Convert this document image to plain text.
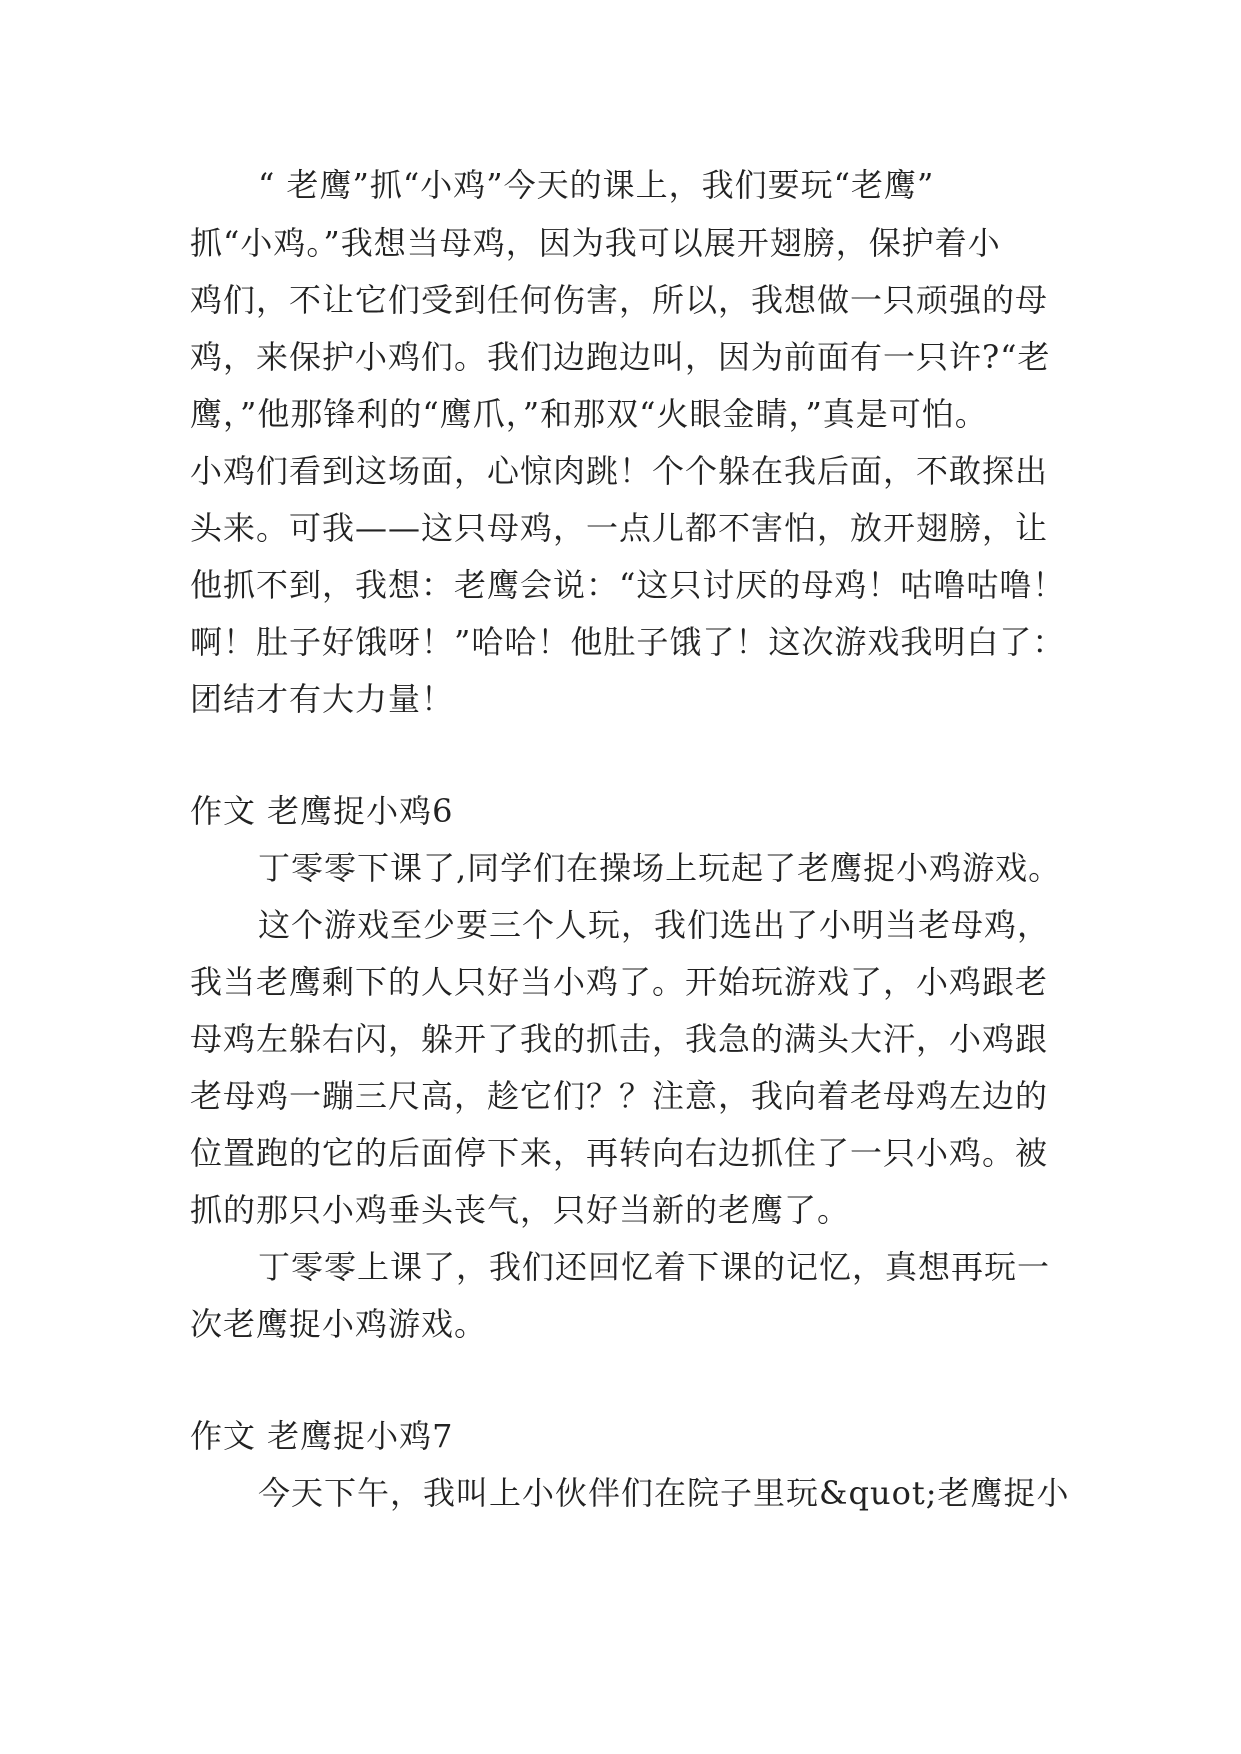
“ 老鹰”抓“小鸡”今天的课上，我们要玩“老鹰”
抓“小鸡。”我想当母鸡，因为我可以展开翅膀，保护着小
鸡们，不让它们受到任何伤害，所以，我想做一只顽强的母
鸡，来保护小鸡们。我们边跑边叫，因为前面有一只许?“老
鹰，”他那锋利的“鹰爪，”和那双“火眼金睛，”真是可怕。
小鸡们看到这场面，心惊肉跳！个个躲在我后面，不敢探出
头来。可我——这只母鸡，一点儿都不害怕，放开翅膀，让
他抓不到，我想：老鹰会说：“这只讨厌的母鸡！咕噜咕噜！
啊！肚子好饿呀！”哈哈！他肚子饿了！这次游戏我明白了：
团结才有大力量！
作文 老鹰捉小鸡6
丁零零下课了,同学们在操场上玩起了老鹰捉小鸡游戏。
这个游戏至少要三个人玩，我们选出了小明当老母鸡，
我当老鹰剩下的人只好当小鸡了。开始玩游戏了，小鸡跟老
母鸡左躲右闪，躲开了我的抓击，我急的满头大汗，小鸡跟
老母鸡一蹦三尺高，趁它们？？注意，我向着老母鸡左边的
位置跑的它的后面停下来，再转向右边抓住了一只小鸡。被
抓的那只小鸡垂头丧气，只好当新的老鹰了。
丁零零上课了，我们还回忆着下课的记忆，真想再玩一
次老鹰捉小鸡游戏。
作文 老鹰捉小鸡7
今天下午，我叫上小伙伴们在院子里玩&quot;老鹰捉小
